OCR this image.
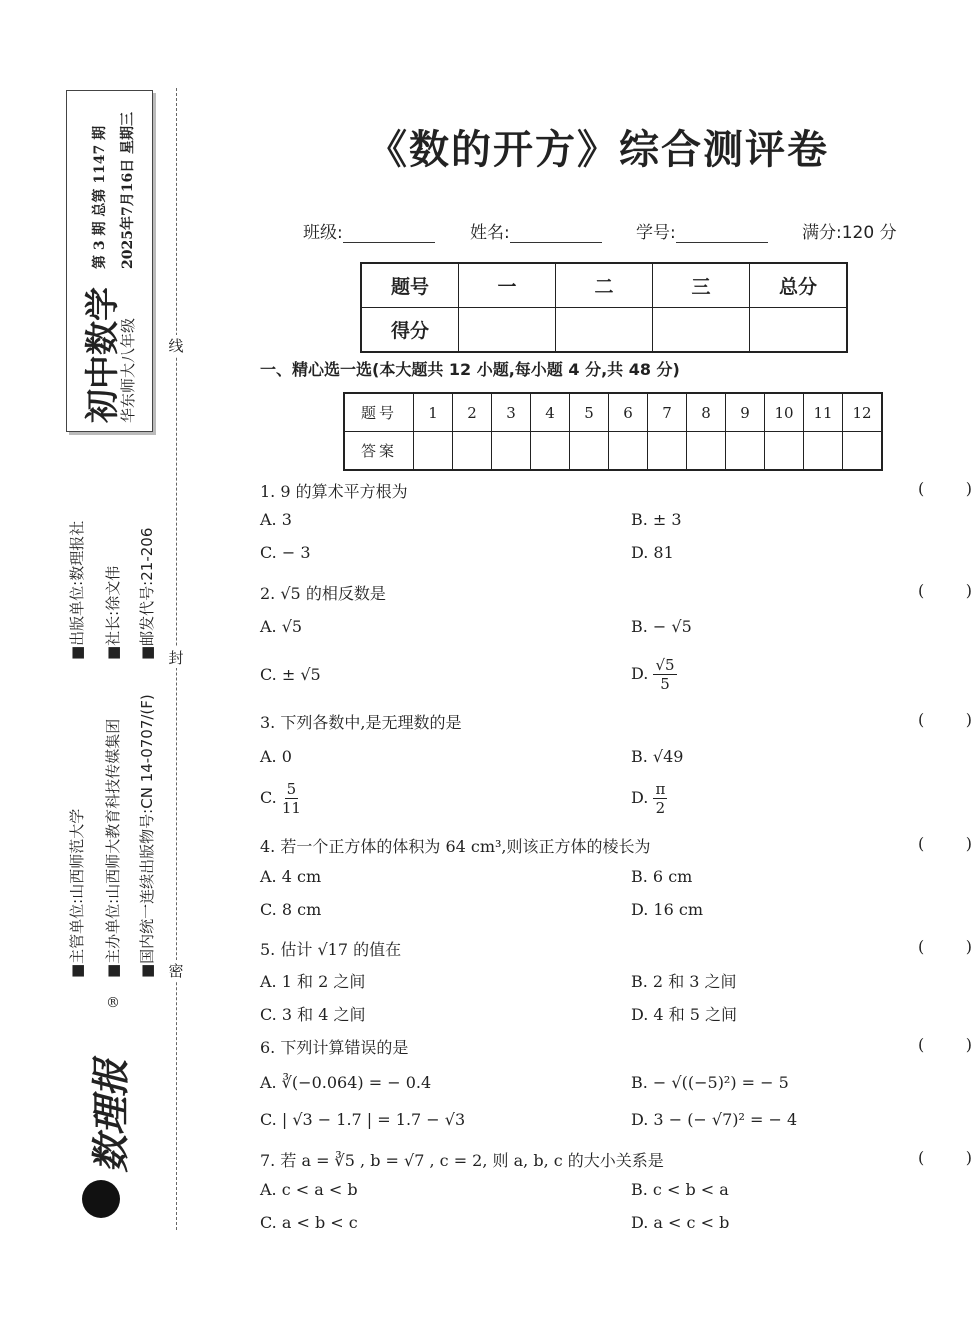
初中数学
华东师大八年级
第 3 期 总第 1147 期 2025年7月16日 星期三
■出版单位:数理报社 ■社长:徐文伟 ■邮发代号:21-206
■主管单位:山西师范大学 ■主办单位:山西师大教育科技传媒集团 ■国内统一连续出版物号:CN 14-0707/(F)
数理报
®
线
封
密
《数的开方》综合测评卷
班级:	姓名:	学号:	满分:120 分
题号	一	二	三	总分
得分				
一、精心选一选(本大题共 12 小题,每小题 4 分,共 48 分)
题号	1	2	3	4	5	6	7	8	9	10	11	12
答案												
1. 9 的算术平方根为	(	)
A. 3	B. ± 3
C. − 3	D. 81
2. √5 的相反数是	(	)
A. √5	B. − √5
C. ± √5	D. $\frac{√5}{5}$
3. 下列各数中,是无理数的是	(	)
A. 0	B. √49
C. $\frac{5}{11}$	D. $\frac{\pi}{2}$
4. 若一个正方体的体积为 64 cm³,则该正方体的棱长为	(	)
A. 4 cm	B. 6 cm
C. 8 cm	D. 16 cm
5. 估计 √17 的值在	(	)
A. 1 和 2 之间	B. 2 和 3 之间
C. 3 和 4 之间	D. 4 和 5 之间
6. 下列计算错误的是	(	)
A. ∛(−0.064) = − 0.4	B. − √((−5)²) = − 5
C. | √3 − 1.7 | = 1.7 − √3	D. 3 − (− √7)² = − 4
7. 若 a = ∛5 , b = √7 , c = 2, 则 a, b, c 的大小关系是	(	)
A. c < a < b	B. c < b < a
C. a < b < c	D. a < c < b
